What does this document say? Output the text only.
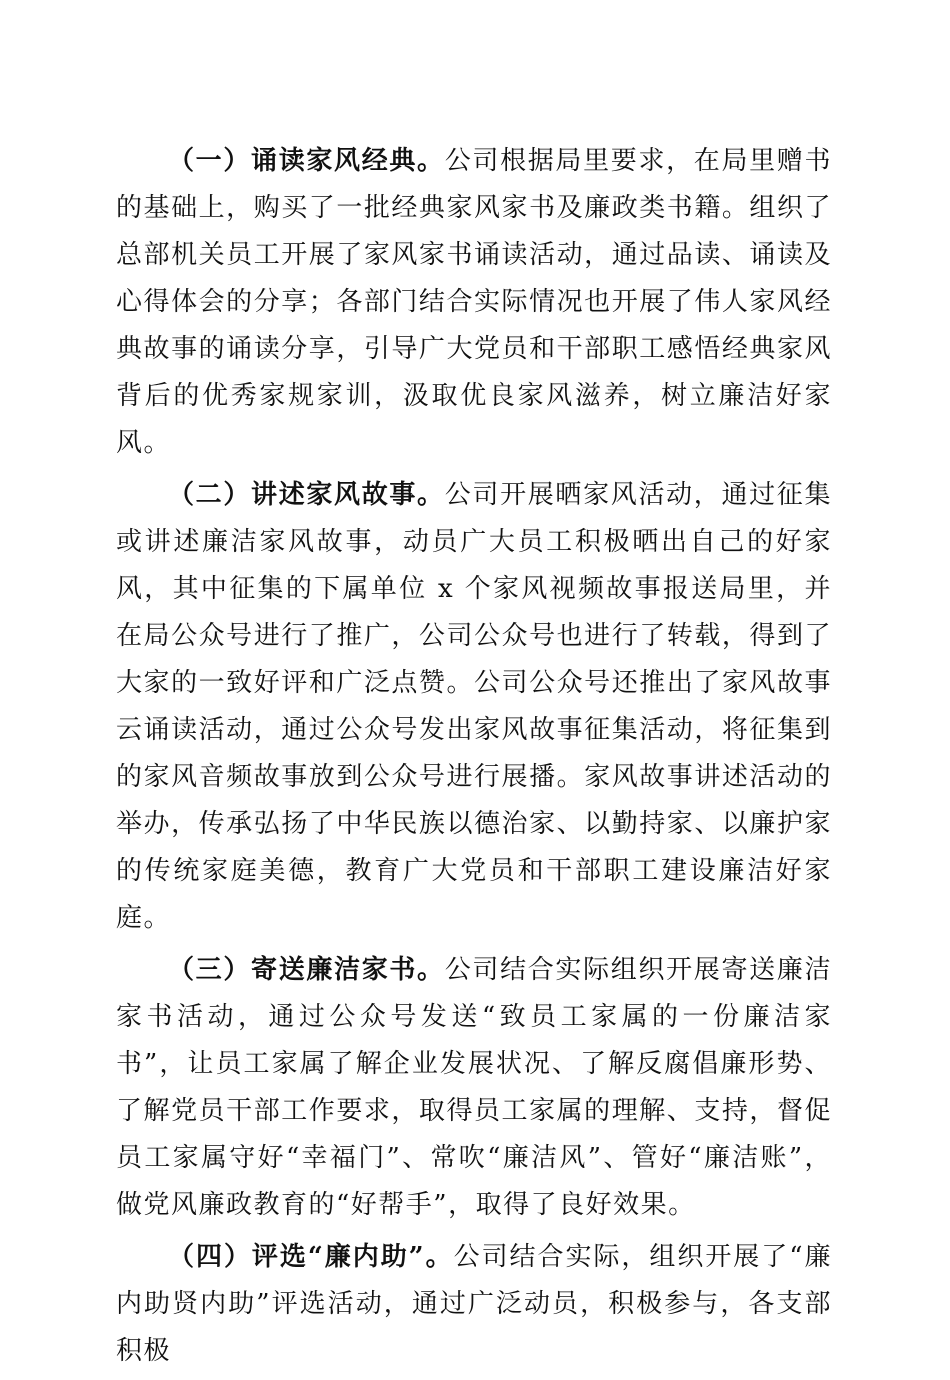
（一）诵读家风经典。公司根据局里要求，在局里赠书的基础上，购买了一批经典家风家书及廉政类书籍。组织了总部机关员工开展了家风家书诵读活动，通过品读、诵读及心得体会的分享；各部门结合实际情况也开展了伟人家风经典故事的诵读分享，引导广大党员和干部职工感悟经典家风背后的优秀家规家训，汲取优良家风滋养，树立廉洁好家风。

（二）讲述家风故事。公司开展晒家风活动，通过征集或讲述廉洁家风故事，动员广大员工积极晒出自己的好家风，其中征集的下属单位 x 个家风视频故事报送局里，并在局公众号进行了推广，公司公众号也进行了转载，得到了大家的一致好评和广泛点赞。公司公众号还推出了家风故事云诵读活动，通过公众号发出家风故事征集活动，将征集到的家风音频故事放到公众号进行展播。家风故事讲述活动的举办，传承弘扬了中华民族以德治家、以勤持家、以廉护家的传统家庭美德，教育广大党员和干部职工建设廉洁好家庭。

（三）寄送廉洁家书。公司结合实际组织开展寄送廉洁家书活动，通过公众号发送“致员工家属的一份廉洁家书”，让员工家属了解企业发展状况、了解反腐倡廉形势、了解党员干部工作要求，取得员工家属的理解、支持，督促员工家属守好“幸福门”、常吹“廉洁风”、管好“廉洁账”，做党风廉政教育的“好帮手”，取得了良好效果。

（四）评选“廉内助”。公司结合实际，组织开展了“廉内助贤内助”评选活动，通过广泛动员，积极参与，各支部积极
